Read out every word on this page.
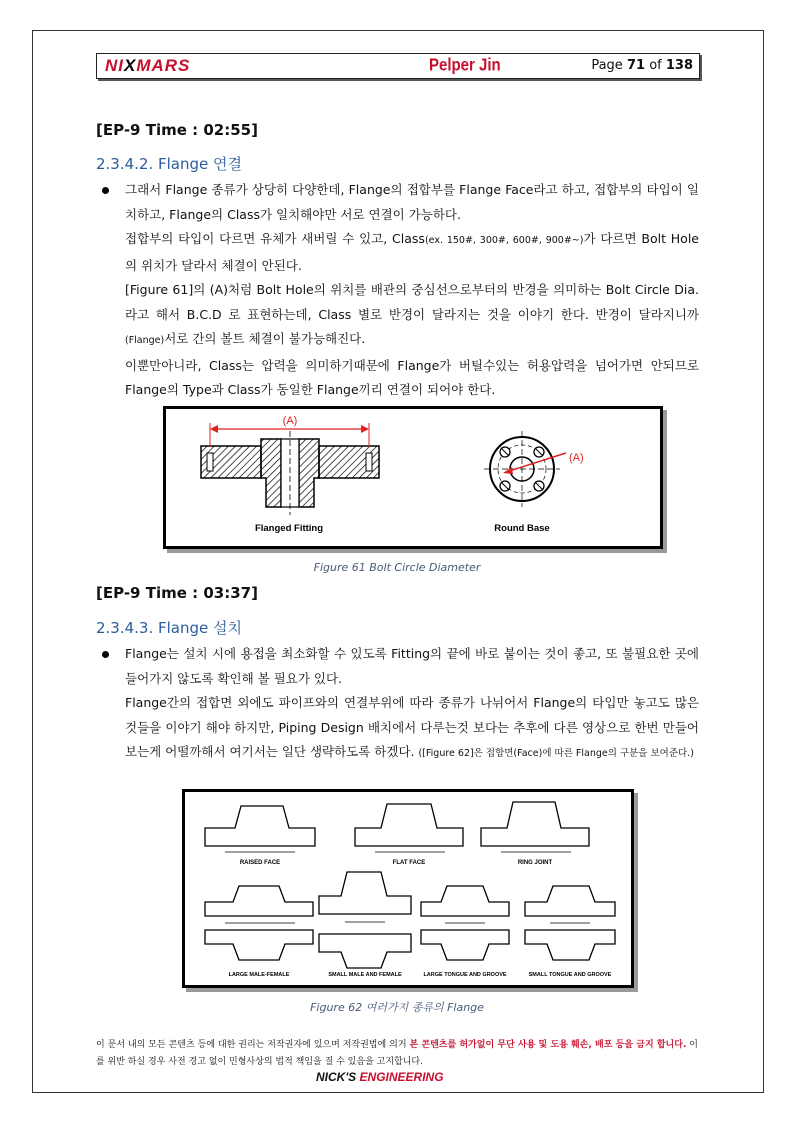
NIXMARS	Pelper Jin	Page 71 of 138
[EP-9 Time : 02:55]
2.3.4.2. Flange 연결
그래서 Flange 종류가 상당히 다양한데, Flange의 접합부를 Flange Face라고 하고, 접합부의 타입이 일치하고, Flange의 Class가 일치해야만 서로 연결이 가능하다.
접합부의 타입이 다르면 유체가 새버릴 수 있고, Class(ex. 150#, 300#, 600#, 900#~)가 다르면 Bolt Hole의 위치가 달라서 체결이 안된다.
[Figure 61]의 (A)처럼 Bolt Hole의 위치를 배관의 중심선으로부터의 반경을 의미하는 Bolt Circle Dia.라고 해서 B.C.D 로 표현하는데, Class 별로 반경이 달라지는 것을 이야기 한다. 반경이 달라지니까 (Flange)서로 간의 볼트 체결이 불가능해진다.
이뿐만아니라, Class는 압력을 의미하기때문에 Flange가 버틸수있는 허용압력을 넘어가면 안되므로 Flange의 Type과 Class가 동일한 Flange끼리 연결이 되어야 한다.
(A)
Flanged Fitting
(A)
Round Base
Figure 61 Bolt Circle Diameter
[EP-9 Time : 03:37]
2.3.4.3. Flange 설치
Flange는 설치 시에 용접을 최소화할 수 있도록 Fitting의 끝에 바로 붙이는 것이 좋고, 또 불필요한 곳에 들어가지 않도록 확인해 볼 필요가 있다.
Flange간의 접합면 외에도 파이프와의 연결부위에 따라 종류가 나뉘어서 Flange의 타입만 놓고도 많은 것들을 이야기 해야 하지만, Piping Design 배치에서 다루는것 보다는 추후에 다른 영상으로 한번 만들어보는게 어떨까해서 여기서는 일단 생략하도록 하겠다. ([Figure 62]은 접합면(Face)에 따른 Flange의 구분을 보여준다.)
RAISED FACE	FLAT FACE	RING JOINT
LARGE MALE-FEMALE	SMALL MALE AND FEMALE	LARGE TONGUE AND GROOVE	SMALL TONGUE AND GROOVE
Figure 62 여러가지 종류의 Flange
이 문서 내의 모든 콘텐츠 등에 대한 권리는 저작권자에 있으며 저작권법에 의거 본 콘텐츠를 허가없이 무단 사용 및 도용 훼손, 배포 등을 금지 합니다. 이를 위반 하실 경우 사전 경고 없이 민형사상의 법적 책임을 질 수 있음을 고지합니다.
NICK'S ENGINEERING
